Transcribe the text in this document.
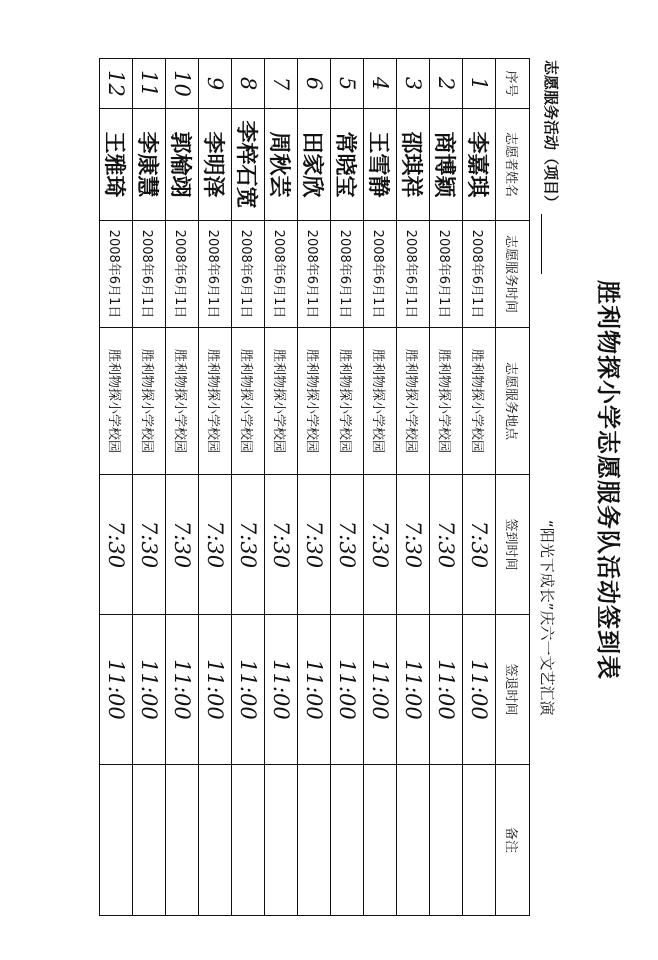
胜利物探小学志愿服务队活动签到表
志愿服务活动（项目）
“阳光下成长”庆六一文艺汇演
序号	志愿者姓名	志愿服务时间	志愿服务地点	签到时间	签退时间	备注
1	李嘉琪	2008年6月1日	胜利物探小学校园	7:30	11:00	
2	商博颖	2008年6月1日	胜利物探小学校园	7:30	11:00	
3	邵琪祥	2008年6月1日	胜利物探小学校园	7:30	11:00	
4	王雪静	2008年6月1日	胜利物探小学校园	7:30	11:00	
5	常晓宝	2008年6月1日	胜利物探小学校园	7:30	11:00	
6	田家欣	2008年6月1日	胜利物探小学校园	7:30	11:00	
7	周秋芸	2008年6月1日	胜利物探小学校园	7:30	11:00	
8	李梓石宽	2008年6月1日	胜利物探小学校园	7:30	11:00	
9	李明泽	2008年6月1日	胜利物探小学校园	7:30	11:00	
10	郭榆翊	2008年6月1日	胜利物探小学校园	7:30	11:00	
11	李康慧	2008年6月1日	胜利物探小学校园	7:30	11:00	
12	王雅琦	2008年6月1日	胜利物探小学校园	7:30	11:00	
